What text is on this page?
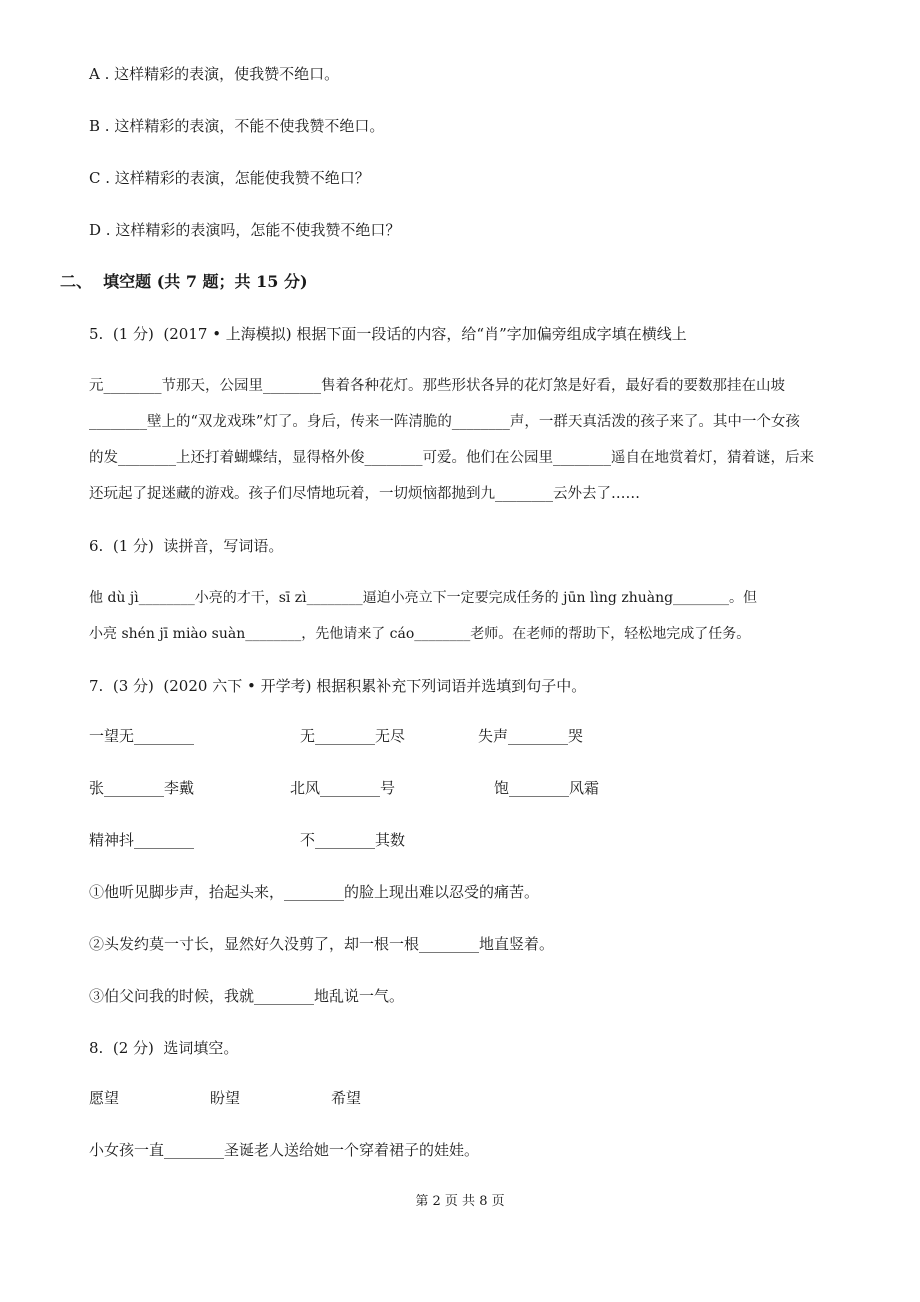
A . 这样精彩的表演，使我赞不绝口。
B . 这样精彩的表演，不能不使我赞不绝口。
C . 这样精彩的表演，怎能使我赞不绝口？
D . 这样精彩的表演吗，怎能不使我赞不绝口？
二、  填空题 (共 7 题；共 15 分)
5.  (1 分)  (2017 • 上海模拟) 根据下面一段话的内容，给“肖”字加偏旁组成字填在横线上
元________节那天，公园里________售着各种花灯。那些形状各异的花灯煞是好看，最好看的要数那挂在山坡
________壁上的“双龙戏珠”灯了。身后，传来一阵清脆的________声，一群天真活泼的孩子来了。其中一个女孩
的发________上还打着蝴蝶结，显得格外俊________可爱。他们在公园里________遥自在地赏着灯，猜着谜，后来
还玩起了捉迷藏的游戏。孩子们尽情地玩着，一切烦恼都抛到九________云外去了……
6.  (1 分)  读拼音，写词语。
他 dù jì________小亮的才干，sī zì________逼迫小亮立下一定要完成任务的 jūn lìng zhuàng________。但
小亮 shén jī miào suàn________，先他请来了 cáo________老师。在老师的帮助下，轻松地完成了任务。
7.  (3 分)  (2020 六下 • 开学考) 根据积累补充下列词语并选填到句子中。
一望无________	无________无尽	失声________哭
张________李戴	北风________号	饱________风霜
精神抖________	不________其数
①他听见脚步声，抬起头来，________的脸上现出难以忍受的痛苦。
②头发约莫一寸长，显然好久没剪了，却一根一根________地直竖着。
③伯父问我的时候，我就________地乱说一气。
8.  (2 分)  选词填空。
愿望	盼望	希望
小女孩一直________圣诞老人送给她一个穿着裙子的娃娃。
第 2 页 共 8 页
